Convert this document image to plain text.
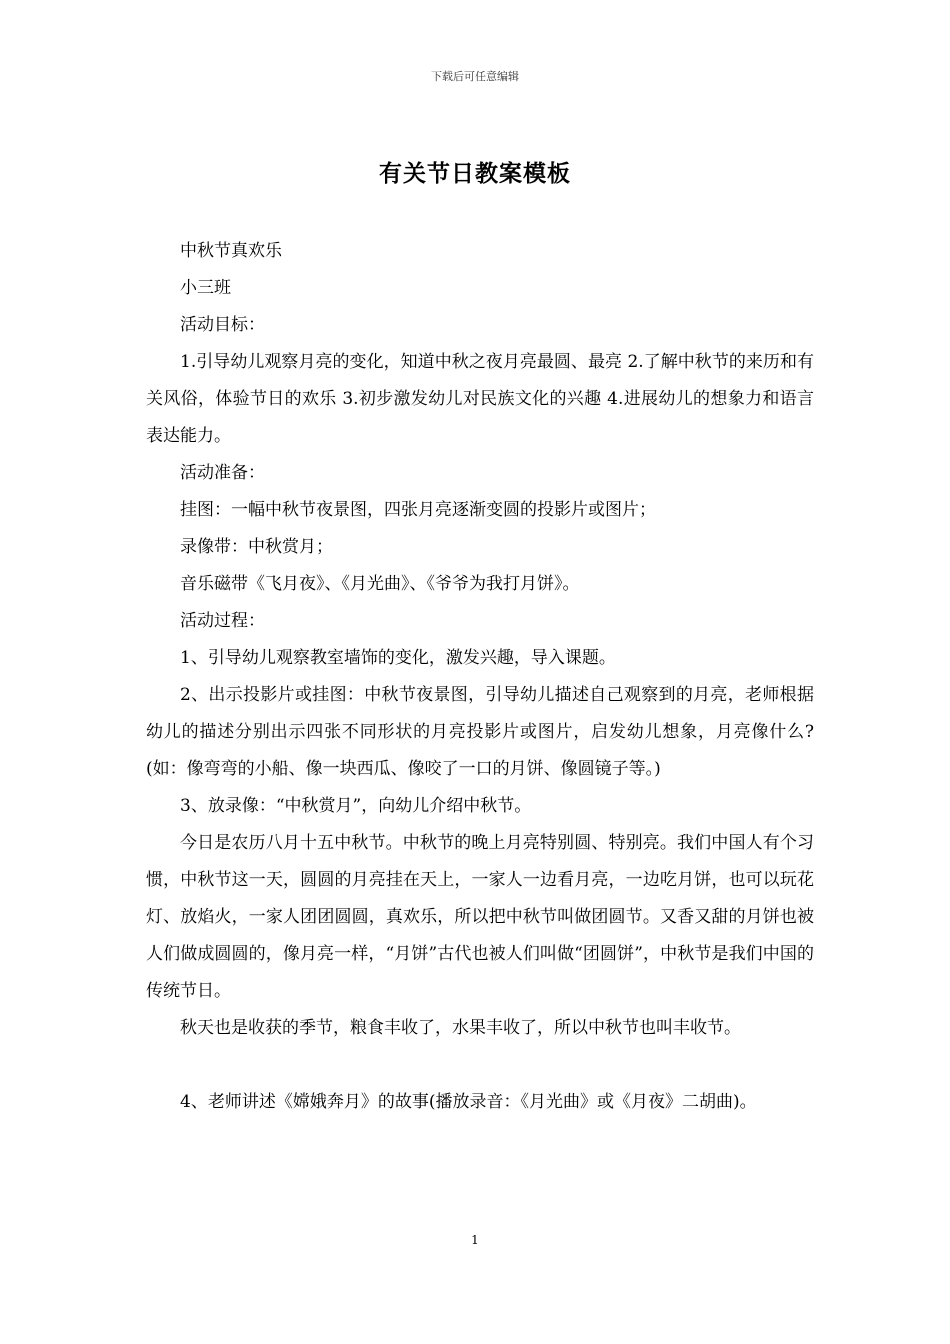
下载后可任意编辑
有关节日教案模板

中秋节真欢乐

小三班

活动目标：

1.引导幼儿观察月亮的变化，知道中秋之夜月亮最圆、最亮 2.了解中秋节的来历和有关风俗，体验节日的欢乐 3.初步激发幼儿对民族文化的兴趣 4.进展幼儿的想象力和语言表达能力。

活动准备：

挂图：一幅中秋节夜景图，四张月亮逐渐变圆的投影片或图片；

录像带：中秋赏月；

音乐磁带《飞月夜》、《月光曲》、《爷爷为我打月饼》。

活动过程：

1、引导幼儿观察教室墙饰的变化，激发兴趣，导入课题。

2、出示投影片或挂图：中秋节夜景图，引导幼儿描述自己观察到的月亮，老师根据幼儿的描述分别出示四张不同形状的月亮投影片或图片，启发幼儿想象，月亮像什么?(如：像弯弯的小船、像一块西瓜、像咬了一口的月饼、像圆镜子等。)

3、放录像：“中秋赏月”，向幼儿介绍中秋节。

今日是农历八月十五中秋节。中秋节的晚上月亮特别圆、特别亮。我们中国人有个习惯，中秋节这一天，圆圆的月亮挂在天上，一家人一边看月亮，一边吃月饼，也可以玩花灯、放焰火，一家人团团圆圆，真欢乐，所以把中秋节叫做团圆节。又香又甜的月饼也被人们做成圆圆的，像月亮一样，“月饼”古代也被人们叫做“团圆饼”，中秋节是我们中国的传统节日。

秋天也是收获的季节，粮食丰收了，水果丰收了，所以中秋节也叫丰收节。

4、老师讲述《嫦娥奔月》的故事(播放录音：《月光曲》或《月夜》二胡曲)。

1
